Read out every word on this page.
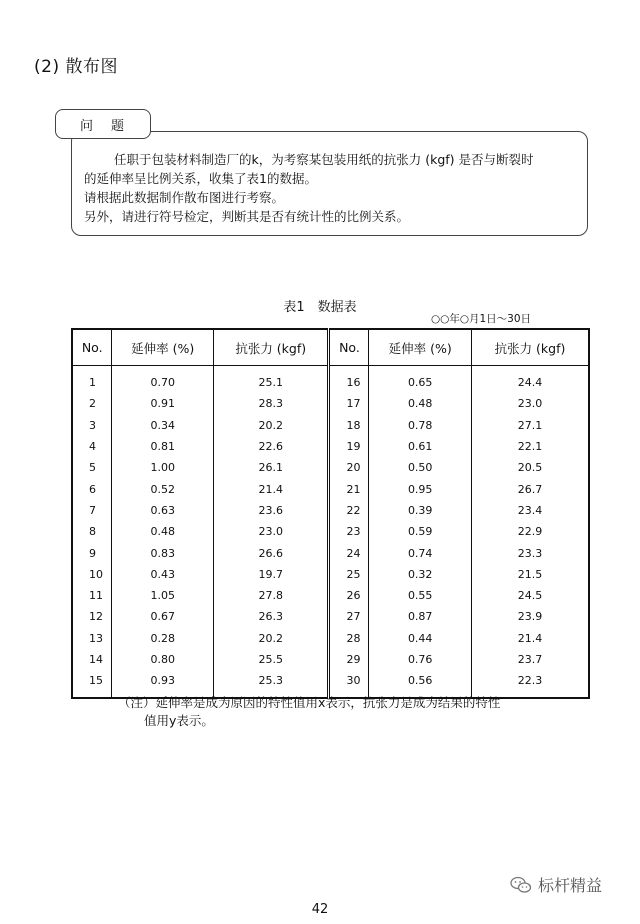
(2) 散布图
问题

任职于包装材料制造厂的k，为考察某包装用纸的抗张力 (kgf) 是否与断裂时

的延伸率呈比例关系，收集了表1的数据。

请根据此数据制作散布图进行考察。

另外，请进行符号检定，判断其是否有统计性的比例关系。

表1　数据表
○○年○月1日～30日
No.	延伸率 (%)	抗张力 (kgf)	No.	延伸率 (%)	抗张力 (kgf)
1	0.70	25.1	16	0.65	24.4
2	0.91	28.3	17	0.48	23.0
3	0.34	20.2	18	0.78	27.1
4	0.81	22.6	19	0.61	22.1
5	1.00	26.1	20	0.50	20.5
6	0.52	21.4	21	0.95	26.7
7	0.63	23.6	22	0.39	23.4
8	0.48	23.0	23	0.59	22.9
9	0.83	26.6	24	0.74	23.3
10	0.43	19.7	25	0.32	21.5
11	1.05	27.8	26	0.55	24.5
12	0.67	26.3	27	0.87	23.9
13	0.28	20.2	28	0.44	21.4
14	0.80	25.5	29	0.76	23.7
15	0.93	25.3	30	0.56	22.3

（注）延伸率是成为原因的特性值用x表示，抗张力是成为结果的特性

值用y表示。

标杆精益
42
